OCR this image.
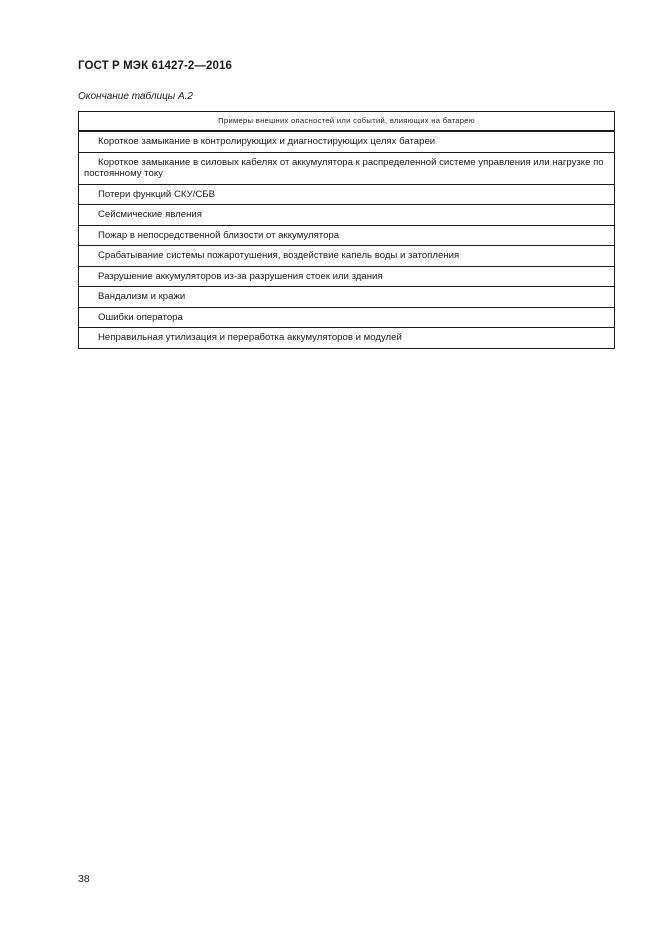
ГОСТ Р МЭК 61427-2—2016
Окончание таблицы А.2
Примеры внешних опасностей или событий, влияющих на батарею
Короткое замыкание в контролирующих и диагностирующих целях батареи
Короткое замыкание в силовых кабелях от аккумулятора к распределенной системе управления или нагрузке по постоянному току
Потери функций СКУ/СБВ
Сейсмические явления
Пожар в непосредственной близости от аккумулятора
Срабатывание системы пожаротушения, воздействие капель воды и затопления
Разрушение аккумуляторов из-за разрушения стоек или здания
Вандализм и кражи
Ошибки оператора
Неправильная утилизация и переработка аккумуляторов и модулей
38
